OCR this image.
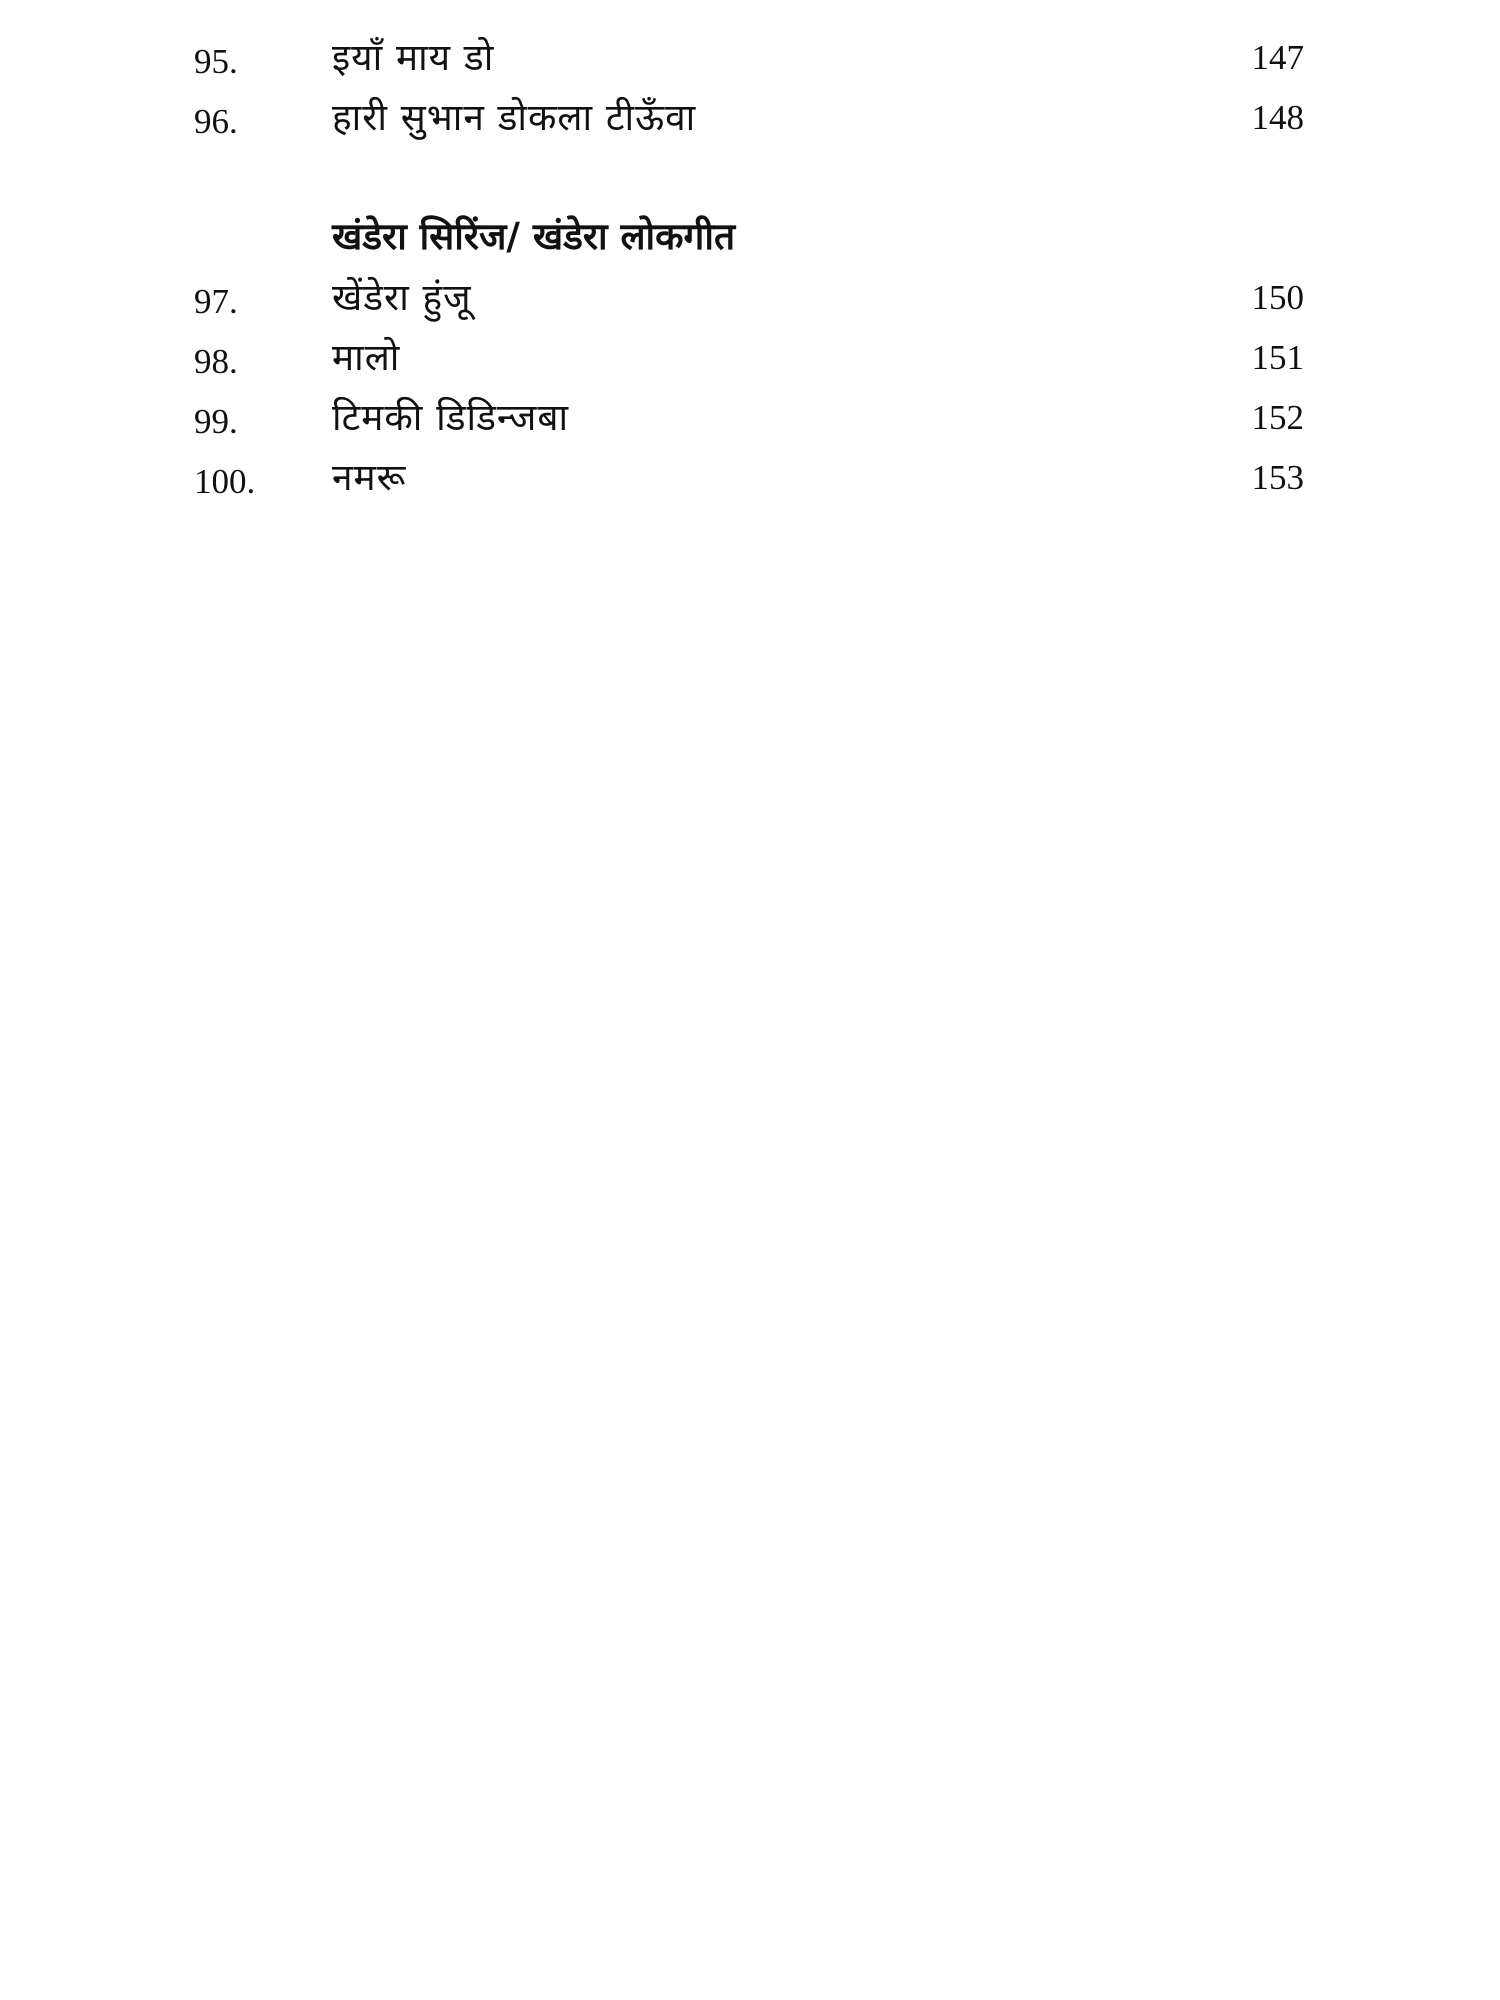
95.	इयाँ माय डो	147
96.	हारी सुभान डोकला टीऊँवा	148
खंडेरा सिरिंज/ खंडेरा लोकगीत
97.	खेंडेरा हुंजू	150
98.	मालो	151
99.	टिमकी डिडिन्जबा	152
100. नमरू	153
